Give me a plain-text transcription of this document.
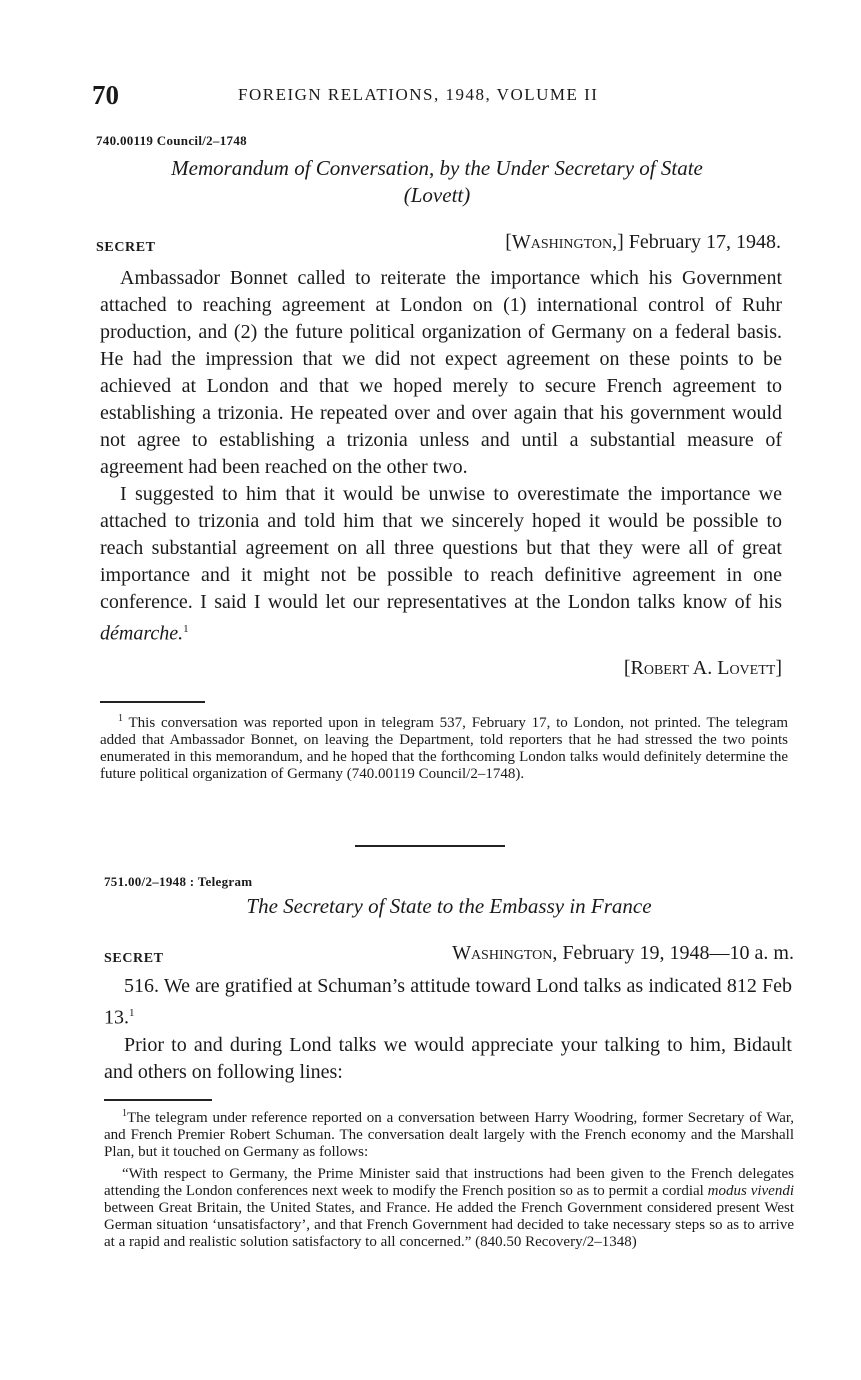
70	FOREIGN RELATIONS, 1948, VOLUME II
740.00119 Council/2–1748
Memorandum of Conversation, by the Under Secretary of State
(Lovett)
SECRET	[Washington,] February 17, 1948.

Ambassador Bonnet called to reiterate the importance which his Government attached to reaching agreement at London on (1) international control of Ruhr production, and (2) the future political organization of Germany on a federal basis. He had the impression that we did not expect agreement on these points to be achieved at London and that we hoped merely to secure French agreement to establishing a trizonia. He repeated over and over again that his government would not agree to establishing a trizonia unless and until a substantial measure of agreement had been reached on the other two.

I suggested to him that it would be unwise to overestimate the importance we attached to trizonia and told him that we sincerely hoped it would be possible to reach substantial agreement on all three questions but that they were all of great importance and it might not be possible to reach definitive agreement in one conference. I said I would let our representatives at the London talks know of his démarche.$^1$

[Robert A. Lovett]

$^1$ This conversation was reported upon in telegram 537, February 17, to London, not printed. The telegram added that Ambassador Bonnet, on leaving the Department, told reporters that he had stressed the two points enumerated in this memorandum, and he hoped that the forthcoming London talks would definitely determine the future political organization of Germany (740.00119 Council/2–1748).

751.00/2–1948 : Telegram
The Secretary of State to the Embassy in France
SECRET	Washington, February 19, 1948—10 a. m.

516. We are gratified at Schuman’s attitude toward Lond talks as indicated 812 Feb 13.$^1$

Prior to and during Lond talks we would appreciate your talking to him, Bidault and others on following lines:

$^1$The telegram under reference reported on a conversation between Harry Woodring, former Secretary of War, and French Premier Robert Schuman. The conversation dealt largely with the French economy and the Marshall Plan, but it touched on Germany as follows:

“With respect to Germany, the Prime Minister said that instructions had been given to the French delegates attending the London conferences next week to modify the French position so as to permit a cordial modus vivendi between Great Britain, the United States, and France. He added the French Government considered present West German situation ‘unsatisfactory’, and that French Government had decided to take necessary steps so as to arrive at a rapid and realistic solution satisfactory to all concerned.” (840.50 Recovery/2–1348)
